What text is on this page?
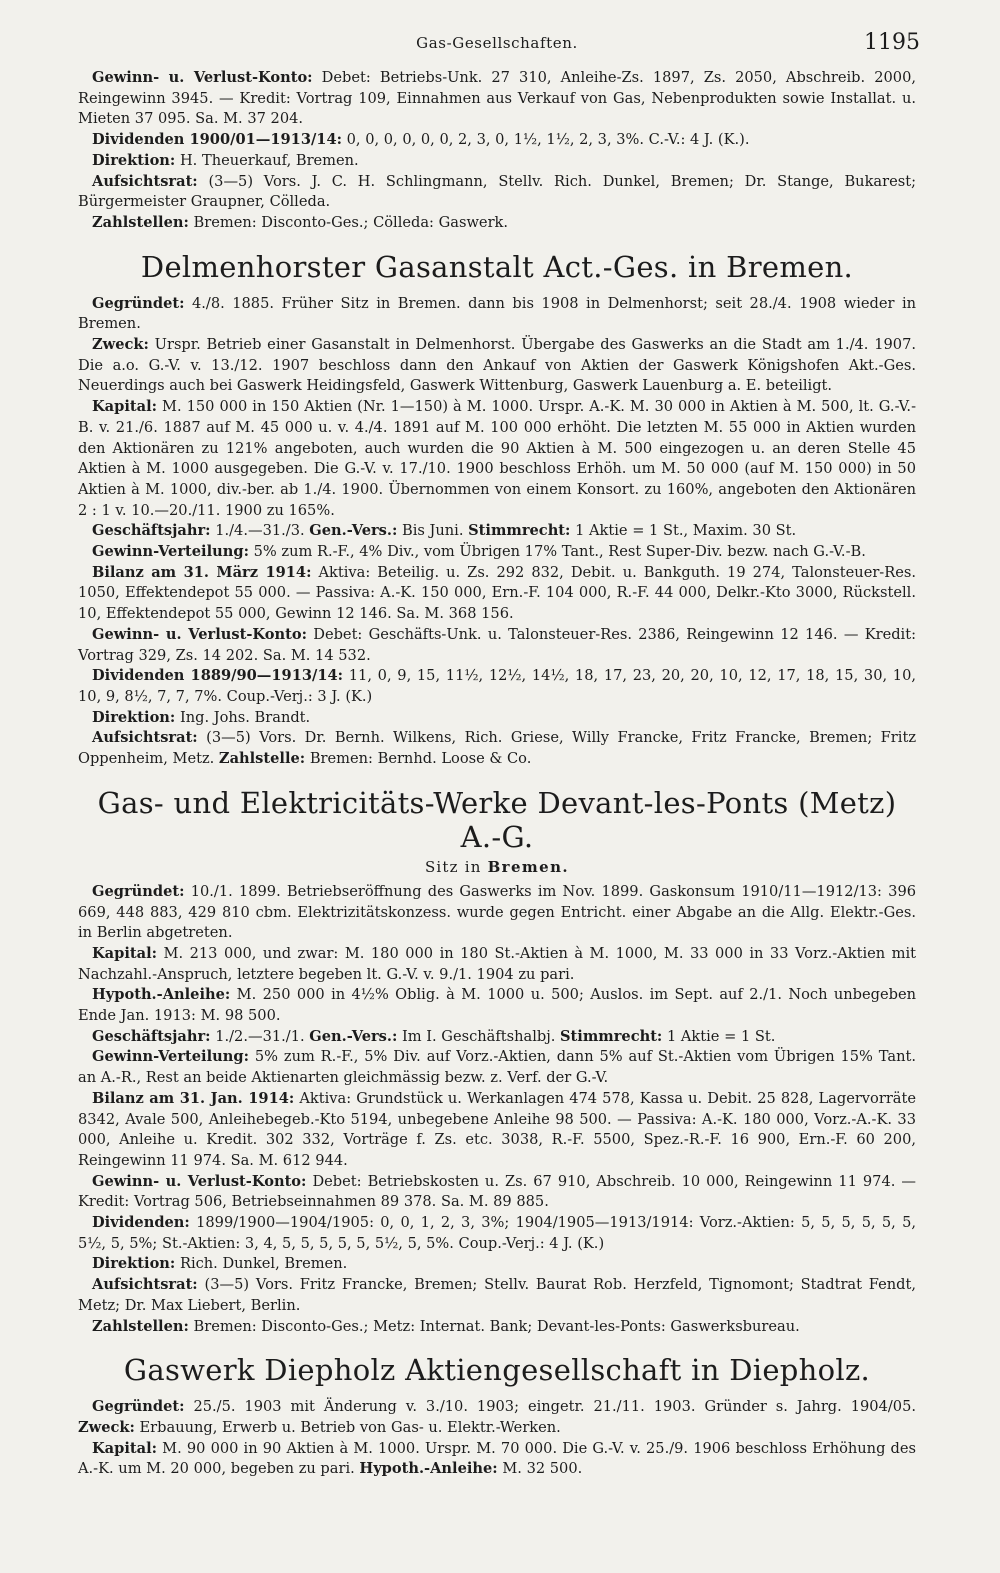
Gas-Gesellschaften.	1195

Gewinn- u. Verlust-Konto: Debet: Betriebs-Unk. 27 310, Anleihe-Zs. 1897, Zs. 2050, Abschreib. 2000, Reingewinn 3945. — Kredit: Vortrag 109, Einnahmen aus Verkauf von Gas, Nebenprodukten sowie Installat. u. Mieten 37 095. Sa. M. 37 204.

Dividenden 1900/01—1913/14: 0, 0, 0, 0, 0, 0, 2, 3, 0, 1½, 1½, 2, 3, 3%. C.-V.: 4 J. (K.).

Direktion: H. Theuerkauf, Bremen.

Aufsichtsrat: (3—5) Vors. J. C. H. Schlingmann, Stellv. Rich. Dunkel, Bremen; Dr. Stange, Bukarest; Bürgermeister Graupner, Cölleda.

Zahlstellen: Bremen: Disconto-Ges.; Cölleda: Gaswerk.

Delmenhorster Gasanstalt Act.-Ges. in Bremen.

Gegründet: 4./8. 1885. Früher Sitz in Bremen. dann bis 1908 in Delmenhorst; seit 28./4. 1908 wieder in Bremen.

Zweck: Urspr. Betrieb einer Gasanstalt in Delmenhorst. Übergabe des Gaswerks an die Stadt am 1./4. 1907. Die a.o. G.-V. v. 13./12. 1907 beschloss dann den Ankauf von Aktien der Gaswerk Königshofen Akt.-Ges. Neuerdings auch bei Gaswerk Heidingsfeld, Gaswerk Wittenburg, Gaswerk Lauenburg a. E. beteiligt.

Kapital: M. 150 000 in 150 Aktien (Nr. 1—150) à M. 1000. Urspr. A.-K. M. 30 000 in Aktien à M. 500, lt. G.-V.-B. v. 21./6. 1887 auf M. 45 000 u. v. 4./4. 1891 auf M. 100 000 erhöht. Die letzten M. 55 000 in Aktien wurden den Aktionären zu 121% angeboten, auch wurden die 90 Aktien à M. 500 eingezogen u. an deren Stelle 45 Aktien à M. 1000 ausgegeben. Die G.-V. v. 17./10. 1900 beschloss Erhöh. um M. 50 000 (auf M. 150 000) in 50 Aktien à M. 1000, div.-ber. ab 1./4. 1900. Übernommen von einem Konsort. zu 160%, angeboten den Aktionären 2 : 1 v. 10.—20./11. 1900 zu 165%.

Geschäftsjahr: 1./4.—31./3. Gen.-Vers.: Bis Juni. Stimmrecht: 1 Aktie = 1 St., Maxim. 30 St.

Gewinn-Verteilung: 5% zum R.-F., 4% Div., vom Übrigen 17% Tant., Rest Super-Div. bezw. nach G.-V.-B.

Bilanz am 31. März 1914: Aktiva: Beteilig. u. Zs. 292 832, Debit. u. Bankguth. 19 274, Talonsteuer-Res. 1050, Effektendepot 55 000. — Passiva: A.-K. 150 000, Ern.-F. 104 000, R.-F. 44 000, Delkr.-Kto 3000, Rückstell. 10, Effektendepot 55 000, Gewinn 12 146. Sa. M. 368 156.

Gewinn- u. Verlust-Konto: Debet: Geschäfts-Unk. u. Talonsteuer-Res. 2386, Reingewinn 12 146. — Kredit: Vortrag 329, Zs. 14 202. Sa. M. 14 532.

Dividenden 1889/90—1913/14: 11, 0, 9, 15, 11½, 12½, 14½, 18, 17, 23, 20, 20, 10, 12, 17, 18, 15, 30, 10, 10, 9, 8½, 7, 7, 7%. Coup.-Verj.: 3 J. (K.)

Direktion: Ing. Johs. Brandt.

Aufsichtsrat: (3—5) Vors. Dr. Bernh. Wilkens, Rich. Griese, Willy Francke, Fritz Francke, Bremen; Fritz Oppenheim, Metz. Zahlstelle: Bremen: Bernhd. Loose & Co.

Gas- und Elektricitäts-Werke Devant-les-Ponts (Metz) A.-G.
Sitz in Bremen.

Gegründet: 10./1. 1899. Betriebseröffnung des Gaswerks im Nov. 1899. Gaskonsum 1910/11—1912/13: 396 669, 448 883, 429 810 cbm. Elektrizitätskonzess. wurde gegen Entricht. einer Abgabe an die Allg. Elektr.-Ges. in Berlin abgetreten.

Kapital: M. 213 000, und zwar: M. 180 000 in 180 St.-Aktien à M. 1000, M. 33 000 in 33 Vorz.-Aktien mit Nachzahl.-Anspruch, letztere begeben lt. G.-V. v. 9./1. 1904 zu pari.

Hypoth.-Anleihe: M. 250 000 in 4½% Oblig. à M. 1000 u. 500; Auslos. im Sept. auf 2./1. Noch unbegeben Ende Jan. 1913: M. 98 500.

Geschäftsjahr: 1./2.—31./1. Gen.-Vers.: Im I. Geschäftshalbj. Stimmrecht: 1 Aktie = 1 St.

Gewinn-Verteilung: 5% zum R.-F., 5% Div. auf Vorz.-Aktien, dann 5% auf St.-Aktien vom Übrigen 15% Tant. an A.-R., Rest an beide Aktienarten gleichmässig bezw. z. Verf. der G.-V.

Bilanz am 31. Jan. 1914: Aktiva: Grundstück u. Werkanlagen 474 578, Kassa u. Debit. 25 828, Lagervorräte 8342, Avale 500, Anleihebegeb.-Kto 5194, unbegebene Anleihe 98 500. — Passiva: A.-K. 180 000, Vorz.-A.-K. 33 000, Anleihe u. Kredit. 302 332, Vorträge f. Zs. etc. 3038, R.-F. 5500, Spez.-R.-F. 16 900, Ern.-F. 60 200, Reingewinn 11 974. Sa. M. 612 944.

Gewinn- u. Verlust-Konto: Debet: Betriebskosten u. Zs. 67 910, Abschreib. 10 000, Reingewinn 11 974. — Kredit: Vortrag 506, Betriebseinnahmen 89 378. Sa. M. 89 885.

Dividenden: 1899/1900—1904/1905: 0, 0, 1, 2, 3, 3%; 1904/1905—1913/1914: Vorz.-Aktien: 5, 5, 5, 5, 5, 5, 5½, 5, 5%; St.-Aktien: 3, 4, 5, 5, 5, 5, 5, 5½, 5, 5%. Coup.-Verj.: 4 J. (K.)

Direktion: Rich. Dunkel, Bremen.

Aufsichtsrat: (3—5) Vors. Fritz Francke, Bremen; Stellv. Baurat Rob. Herzfeld, Tignomont; Stadtrat Fendt, Metz; Dr. Max Liebert, Berlin.

Zahlstellen: Bremen: Disconto-Ges.; Metz: Internat. Bank; Devant-les-Ponts: Gaswerksbureau.

Gaswerk Diepholz Aktiengesellschaft in Diepholz.

Gegründet: 25./5. 1903 mit Änderung v. 3./10. 1903; eingetr. 21./11. 1903. Gründer s. Jahrg. 1904/05. Zweck: Erbauung, Erwerb u. Betrieb von Gas- u. Elektr.-Werken.

Kapital: M. 90 000 in 90 Aktien à M. 1000. Urspr. M. 70 000. Die G.-V. v. 25./9. 1906 beschloss Erhöhung des A.-K. um M. 20 000, begeben zu pari. Hypoth.-Anleihe: M. 32 500.
